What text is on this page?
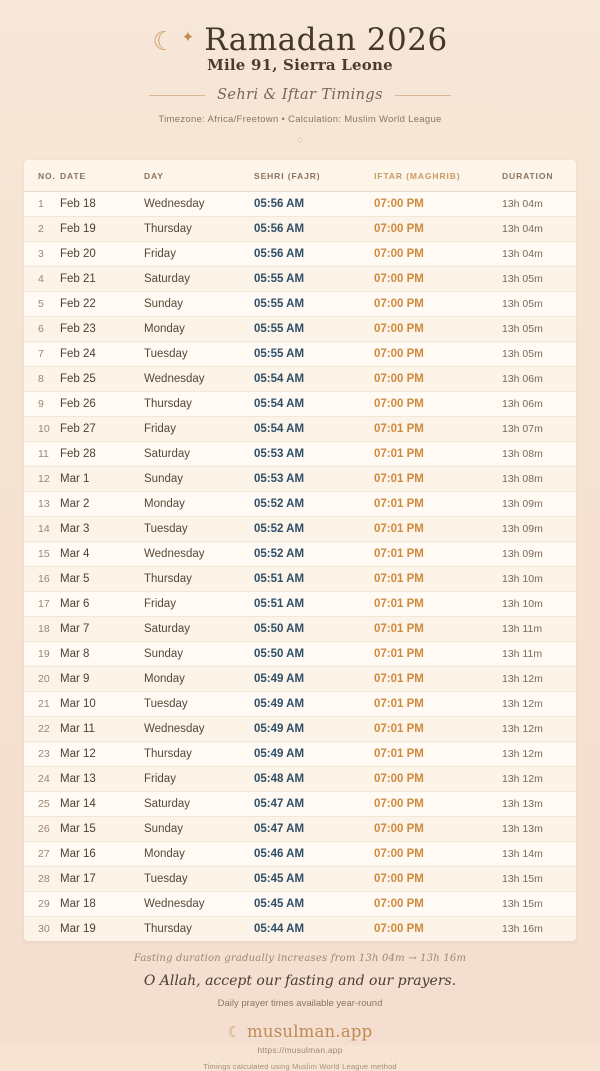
☾ ✦ Ramadan 2026
Mile 91, Sierra Leone
Sehri & Iftar Timings
Timezone: Africa/Freetown • Calculation: Muslim World League
◇
NO.	DATE	DAY	SEHRI (FAJR)	IFTAR (MAGHRIB)	DURATION
1	Feb 18	Wednesday	05:56 AM	07:00 PM	13h 04m
2	Feb 19	Thursday	05:56 AM	07:00 PM	13h 04m
3	Feb 20	Friday	05:56 AM	07:00 PM	13h 04m
4	Feb 21	Saturday	05:55 AM	07:00 PM	13h 05m
5	Feb 22	Sunday	05:55 AM	07:00 PM	13h 05m
6	Feb 23	Monday	05:55 AM	07:00 PM	13h 05m
7	Feb 24	Tuesday	05:55 AM	07:00 PM	13h 05m
8	Feb 25	Wednesday	05:54 AM	07:00 PM	13h 06m
9	Feb 26	Thursday	05:54 AM	07:00 PM	13h 06m
10	Feb 27	Friday	05:54 AM	07:01 PM	13h 07m
11	Feb 28	Saturday	05:53 AM	07:01 PM	13h 08m
12	Mar 1	Sunday	05:53 AM	07:01 PM	13h 08m
13	Mar 2	Monday	05:52 AM	07:01 PM	13h 09m
14	Mar 3	Tuesday	05:52 AM	07:01 PM	13h 09m
15	Mar 4	Wednesday	05:52 AM	07:01 PM	13h 09m
16	Mar 5	Thursday	05:51 AM	07:01 PM	13h 10m
17	Mar 6	Friday	05:51 AM	07:01 PM	13h 10m
18	Mar 7	Saturday	05:50 AM	07:01 PM	13h 11m
19	Mar 8	Sunday	05:50 AM	07:01 PM	13h 11m
20	Mar 9	Monday	05:49 AM	07:01 PM	13h 12m
21	Mar 10	Tuesday	05:49 AM	07:01 PM	13h 12m
22	Mar 11	Wednesday	05:49 AM	07:01 PM	13h 12m
23	Mar 12	Thursday	05:49 AM	07:01 PM	13h 12m
24	Mar 13	Friday	05:48 AM	07:00 PM	13h 12m
25	Mar 14	Saturday	05:47 AM	07:00 PM	13h 13m
26	Mar 15	Sunday	05:47 AM	07:00 PM	13h 13m
27	Mar 16	Monday	05:46 AM	07:00 PM	13h 14m
28	Mar 17	Tuesday	05:45 AM	07:00 PM	13h 15m
29	Mar 18	Wednesday	05:45 AM	07:00 PM	13h 15m
30	Mar 19	Thursday	05:44 AM	07:00 PM	13h 16m
Fasting duration gradually increases from 13h 04m → 13h 16m
O Allah, accept our fasting and our prayers.
Daily prayer times available year-round
☾ musulman.app
https://musulman.app
Timings calculated using Muslim World League method
